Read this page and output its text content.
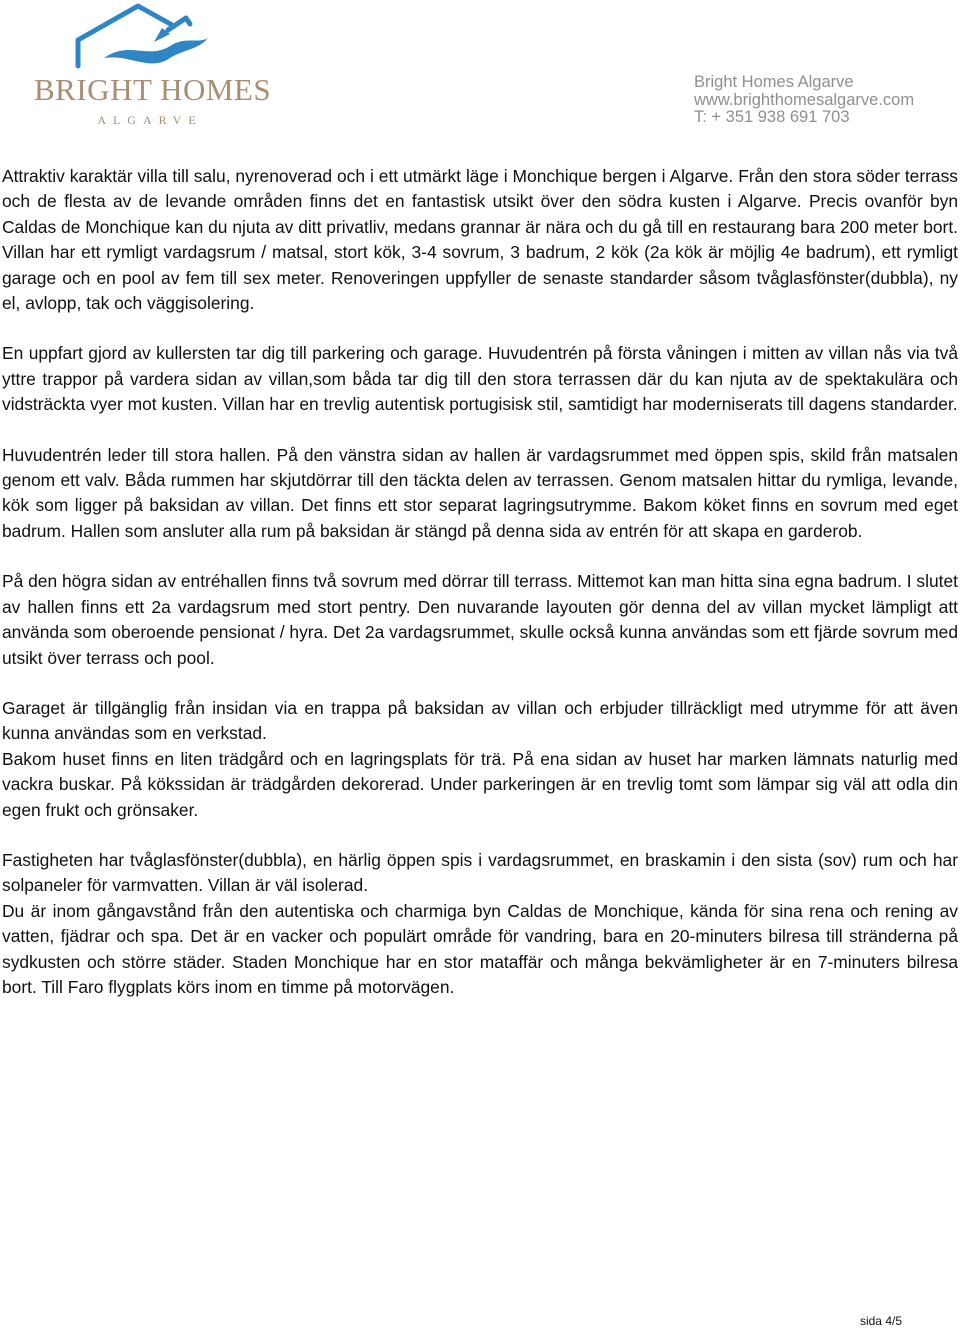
BRIGHT HOMES
ALGARVE
Bright Homes Algarve
www.brighthomesalgarve.com
T: + 351 938 691 703

Attraktiv karaktär villa till salu, nyrenoverad och i ett utmärkt läge i Monchique bergen i Algarve. Från den stora söder terrass och de flesta av de levande områden finns det en fantastisk utsikt över den södra kusten i Algarve. Precis ovanför byn Caldas de Monchique kan du njuta av ditt privatliv, medans grannar är nära och du gå till en restaurang bara 200 meter bort. Villan har ett rymligt vardagsrum / matsal, stort kök, 3-4 sovrum, 3 badrum, 2 kök (2a kök är möjlig 4e badrum), ett rymligt garage och en pool av fem till sex meter. Renoveringen uppfyller de senaste standarder såsom tvåglasfönster(dubbla), ny el, avlopp, tak och väggisolering.

En uppfart gjord av kullersten tar dig till parkering och garage. Huvudentrén på första våningen i mitten av villan nås via två yttre trappor på vardera sidan av villan,som båda tar dig till den stora terrassen där du kan njuta av de spektakulära och vidsträckta vyer mot kusten. Villan har en trevlig autentisk portugisisk stil, samtidigt har moderniserats till dagens standarder.

Huvudentrén leder till stora hallen. På den vänstra sidan av hallen är vardagsrummet med öppen spis, skild från matsalen genom ett valv. Båda rummen har skjutdörrar till den täckta delen av terrassen. Genom matsalen hittar du rymliga, levande, kök som ligger på baksidan av villan. Det finns ett stor separat lagringsutrymme. Bakom köket finns en sovrum med eget badrum. Hallen som ansluter alla rum på baksidan är stängd på denna sida av entrén för att skapa en garderob.

På den högra sidan av entréhallen finns två sovrum med dörrar till terrass. Mittemot kan man hitta sina egna badrum. I slutet av hallen finns ett 2a vardagsrum med stort pentry. Den nuvarande layouten gör denna del av villan mycket lämpligt att använda som oberoende pensionat / hyra. Det 2a vardagsrummet, skulle också kunna användas som ett fjärde sovrum med utsikt över terrass och pool.

Garaget är tillgänglig från insidan via en trappa på baksidan av villan och erbjuder tillräckligt med utrymme för att även kunna användas som en verkstad.

Bakom huset finns en liten trädgård och en lagringsplats för trä. På ena sidan av huset har marken lämnats naturlig med vackra buskar. På kökssidan är trädgården dekorerad. Under parkeringen är en trevlig tomt som lämpar sig väl att odla din egen frukt och grönsaker.

Fastigheten har tvåglasfönster(dubbla), en härlig öppen spis i vardagsrummet, en braskamin i den sista (sov) rum och har solpaneler för varmvatten. Villan är väl isolerad.

Du är inom gångavstånd från den autentiska och charmiga byn Caldas de Monchique, kända för sina rena och rening av vatten, fjädrar och spa. Det är en vacker och populärt område för vandring, bara en 20-minuters bilresa till stränderna på sydkusten och större städer. Staden Monchique har en stor mataffär och många bekvämligheter är en 7-minuters bilresa bort. Till Faro flygplats körs inom en timme på motorvägen.

sida 4/5
